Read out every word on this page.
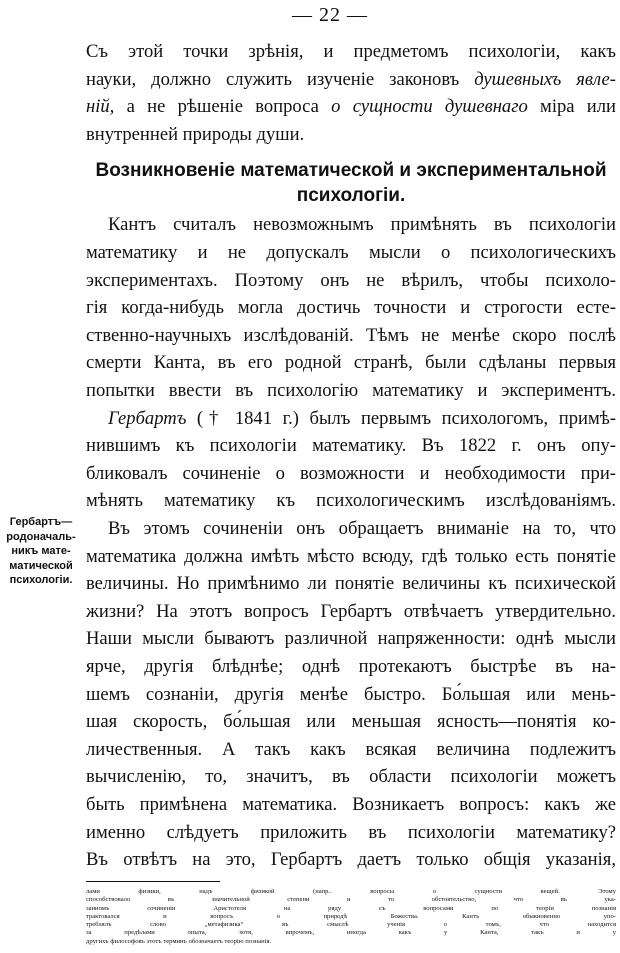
— 22 —
Съ этой точки зрѣнія, и предметомъ психологіи, какъ
науки, должно служить изученіе законовъ душевныхъ явле-
ній, а не рѣшеніе вопроса о сущности душевнаго міра или
внутренней природы души.
Возникновеніе математической и экспериментальной
психологіи.
Кантъ считалъ невозможнымъ примѣнять въ психологіи
математику и не допускалъ мысли о психологическихъ
экспериментахъ. Поэтому онъ не вѣрилъ, чтобы психоло-
гія когда-нибудь могла достичь точности и строгости есте-
ственно-научныхъ изслѣдованій. Тѣмъ не менѣе скоро послѣ
смерти Канта, въ его родной странѣ, были сдѣланы первыя
попытки ввести въ психологію математику и экспериментъ.
Гербартъ († 1841 г.) былъ первымъ психологомъ, примѣ-
нившимъ къ психологіи математику. Въ 1822 г. онъ опу-
бликовалъ сочиненіе о возможности и необходимости при-
мѣнять математику къ психологическимъ изслѣдованіямъ.
Гербартъ—
родоначаль-
никъ мате-
матической
психологіи.
Въ этомъ сочиненіи онъ обращаетъ вниманіе на то, что
математика должна имѣть мѣсто всюду, гдѣ только есть понятіе
величины. Но примѣнимо ли понятіе величины къ психической
жизни? На этотъ вопросъ Гербартъ отвѣчаетъ утвердительно.
Наши мысли бываютъ различной напряженности: однѣ мысли
ярче, другія блѣднѣе; однѣ протекаютъ быстрѣе въ на-
шемъ сознаніи, другія менѣе быстро. Бо́льшая или мень-
шая скорость, бо́льшая или меньшая ясность—понятія ко-
личественныя. А такъ какъ всякая величина подлежитъ
вычисленію, то, значитъ, въ области психологіи можетъ
быть примѣнена математика. Возникаетъ вопросъ: какъ же
именно слѣдуетъ приложить въ психологіи математику?
Въ отвѣтъ на это, Гербартъ даетъ только общія указанія,
лами физики, надъ физикой (напр.. вопросы о сущности вещей. Этому
способствовало въ значительной степени и то обстоятельство, что въ ука-
занномъ сочиненіи Аристотеля на ряду съ вопросами по теоріи познанія
трактовался и вопросъ о природѣ Божества. Кантъ обыкновенно упо-
треблялъ слово „метафизика“ въ смыслѣ ученія о томъ, что находится
за предѣлами опыта, хотя, впрочемъ, иногда какъ у Канта, такъ и у
другихъ философовъ этотъ терминъ обозначаетъ теорію познанія.
